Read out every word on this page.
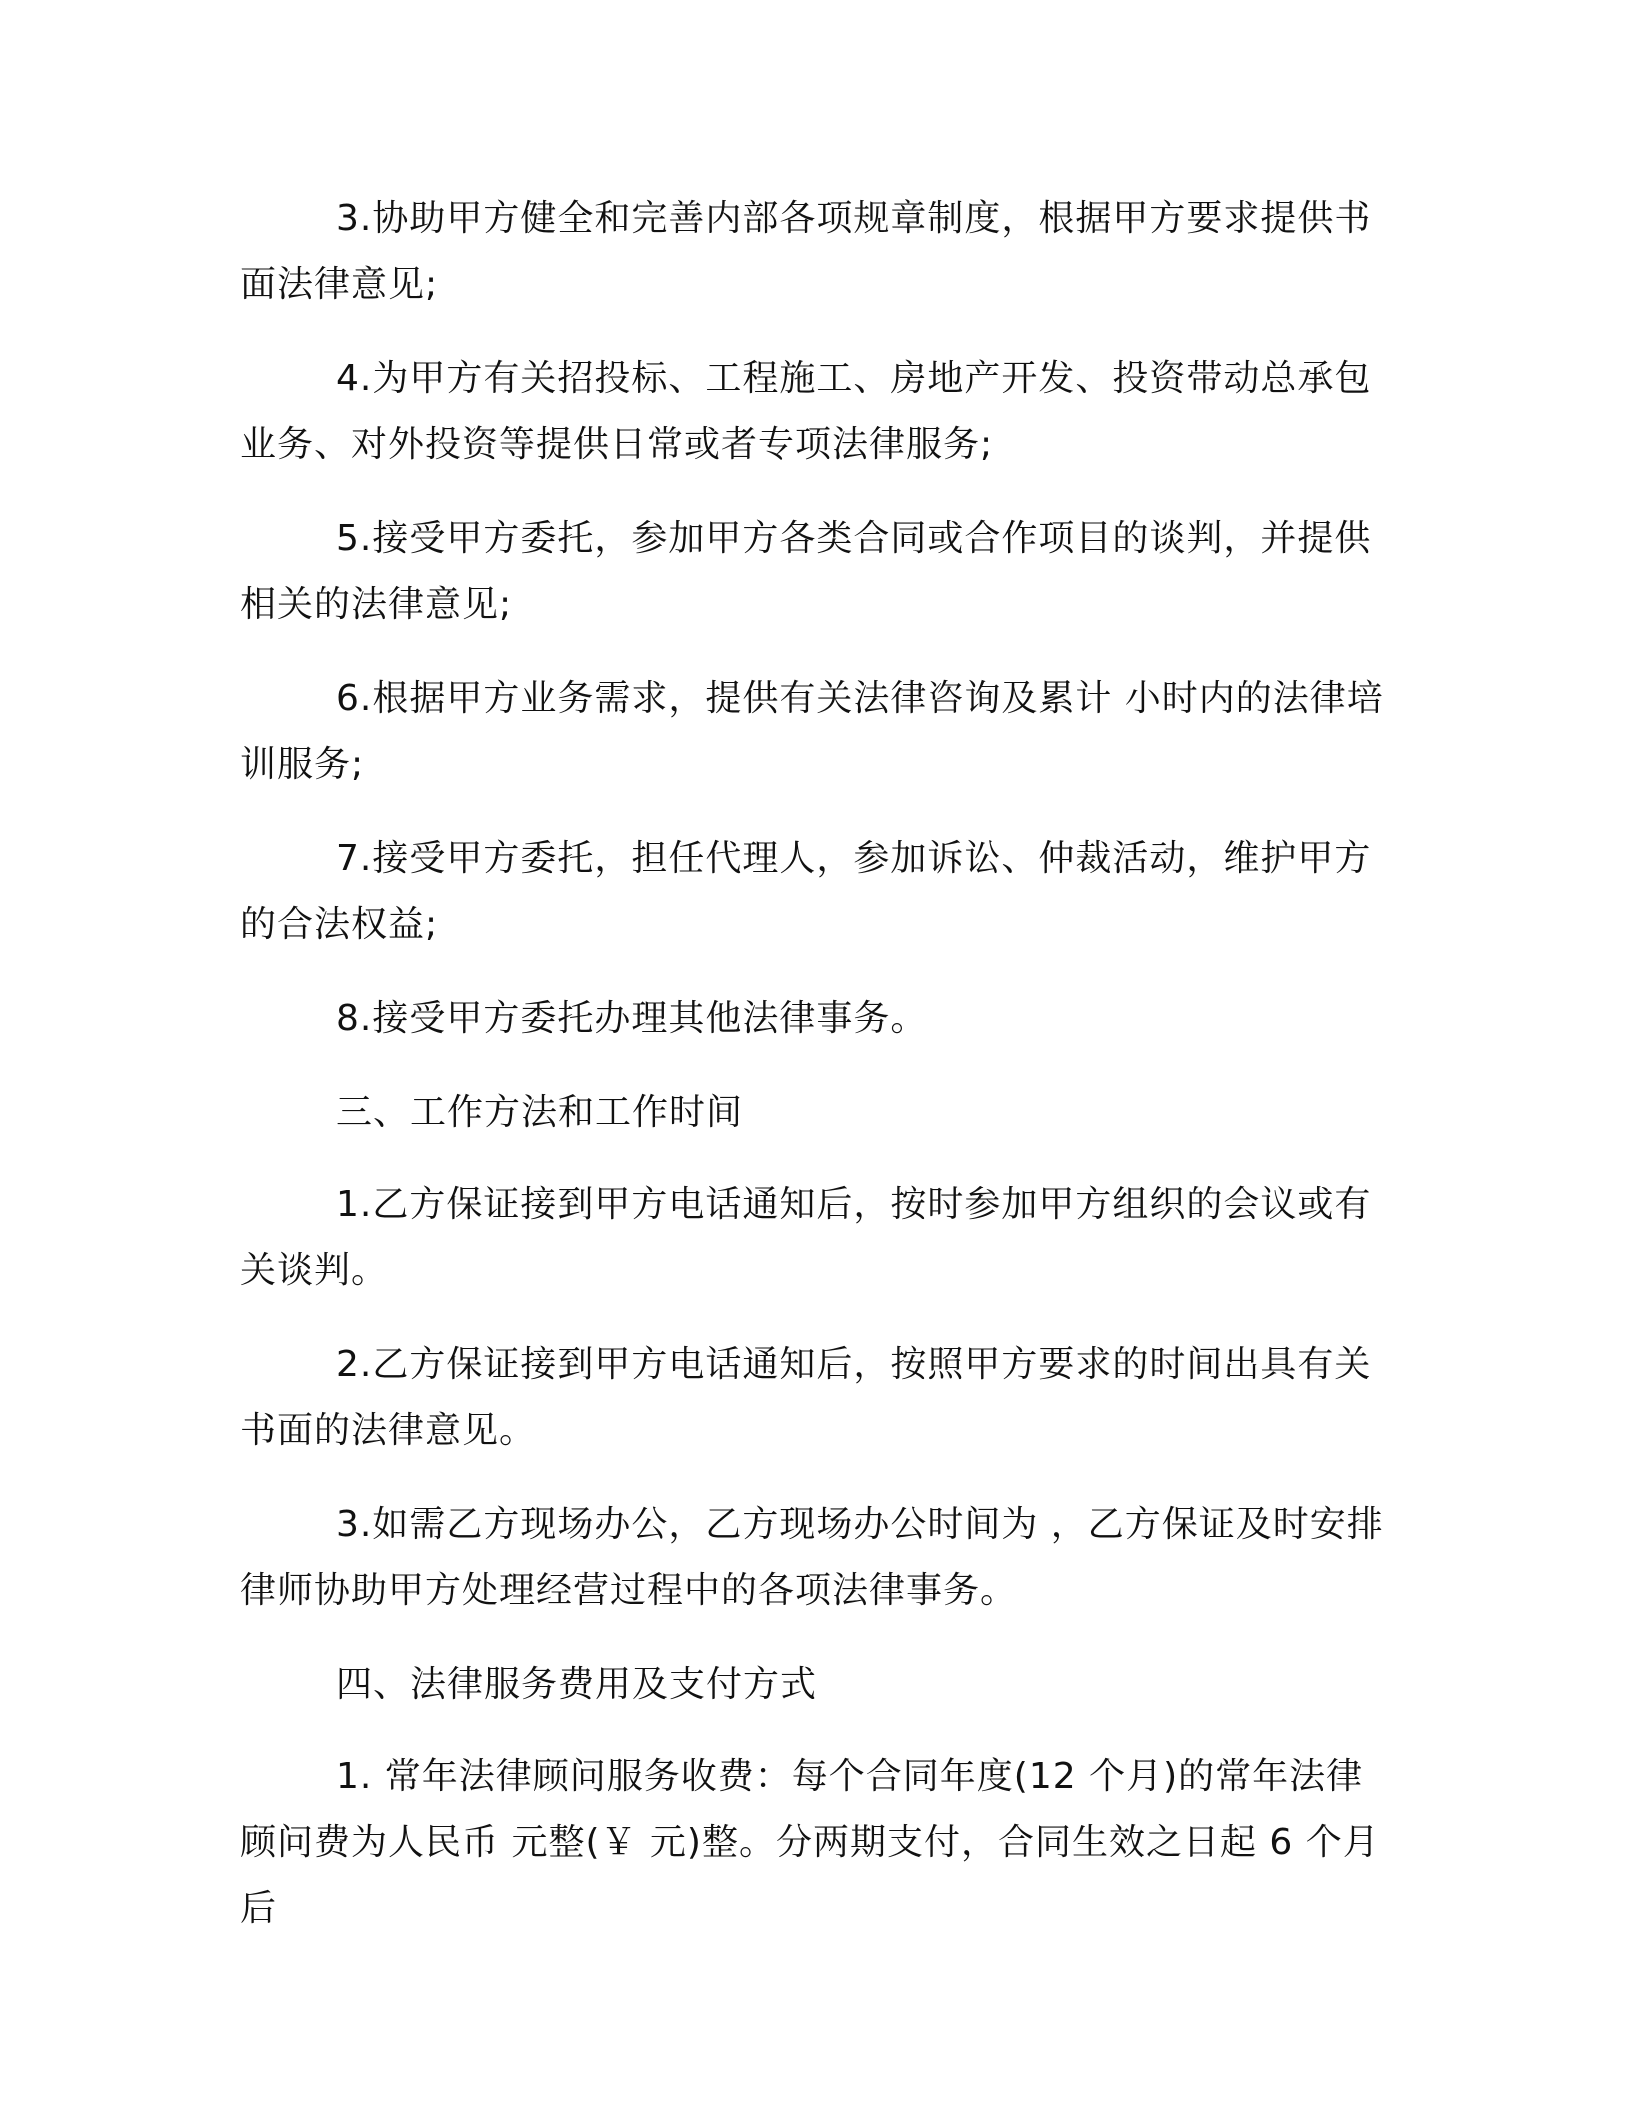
3.协助甲方健全和完善内部各项规章制度，根据甲方要求提供书面法律意见;

4.为甲方有关招投标、工程施工、房地产开发、投资带动总承包业务、对外投资等提供日常或者专项法律服务;

5.接受甲方委托，参加甲方各类合同或合作项目的谈判，并提供相关的法律意见;

6.根据甲方业务需求，提供有关法律咨询及累计 小时内的法律培训服务;

7.接受甲方委托，担任代理人，参加诉讼、仲裁活动，维护甲方的合法权益;

8.接受甲方委托办理其他法律事务。

三、工作方法和工作时间

1.乙方保证接到甲方电话通知后，按时参加甲方组织的会议或有关谈判。

2.乙方保证接到甲方电话通知后，按照甲方要求的时间出具有关书面的法律意见。

3.如需乙方现场办公，乙方现场办公时间为 ，乙方保证及时安排律师协助甲方处理经营过程中的各项法律事务。

四、法律服务费用及支付方式

1. 常年法律顾问服务收费：每个合同年度(12 个月)的常年法律顾问费为人民币 元整(￥ 元)整。分两期支付，合同生效之日起 6 个月后
